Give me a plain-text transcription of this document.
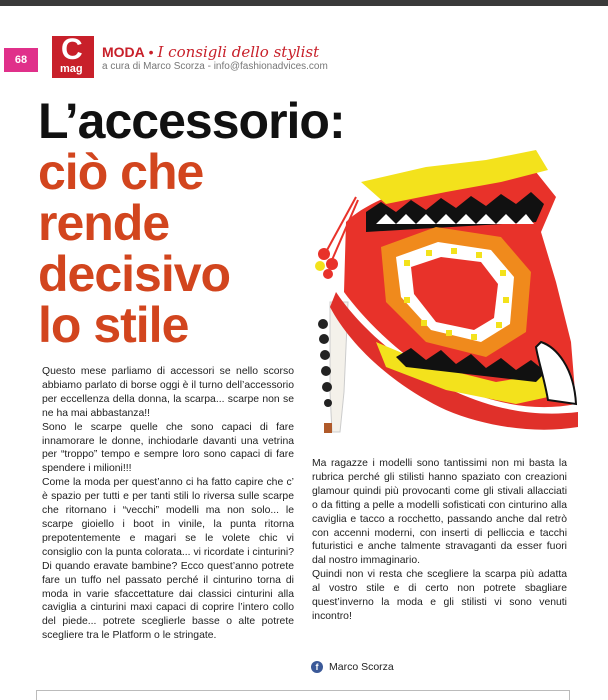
68	C
mag
EDIZIONE	MODA • I consigli dello stylist
a cura di Marco Scorza - info@fashionadvices.com
L’accessorio:
ciò che
rende
decisivo
lo stile

Questo mese parliamo di accessori se nello scorso abbiamo parlato di borse oggi è il turno dell’accessorio per eccellenza della donna, la scarpa... scarpe non se ne ha mai abbastanza!!

Sono le scarpe quelle che sono capaci di fare innamorare le donne, inchiodarle davanti una vetrina per “troppo” tempo e sempre loro sono capaci di fare spendere i milioni!!!

Come la moda per quest’anno ci ha fatto capire che c’ è spazio per tutti e per tanti stili lo riversa sulle scarpe che ritornano i “vecchi” modelli ma non solo... le scarpe gioiello i boot in vinile, la punta ritorna prepotentemente e magari se le volete chic vi consiglio con la punta colorata... vi ricordate i cinturini? Di quando eravate bambine? Ecco quest’anno potrete fare un tuffo nel passato perché il cinturino torna di moda in varie sfaccettature dai classici cinturini alla caviglia a cinturini maxi capaci di coprire l’intero collo del piede... potrete sceglierle basse o alte potrete scegliere tra le Platform o le stringate.

Ma ragazze i modelli sono tantissimi non mi basta la rubrica perché gli stilisti hanno spaziato con creazioni glamour quindi più provocanti come gli stivali allacciati o da fitting a pelle a modelli sofisticati con cinturino alla caviglia e tacco a rocchetto, passando anche dal retrò con accenni moderni, con inserti di pelliccia e tacchi futuristici e anche talmente stravaganti da esser fuori dal nostro immaginario.

Quindi non vi resta che scegliere la scarpa più adatta al vostro stile e di certo non potrete sbagliare quest’inverno la moda e gli stilisti vi sono venuti incontro!

f	Marco Scorza
